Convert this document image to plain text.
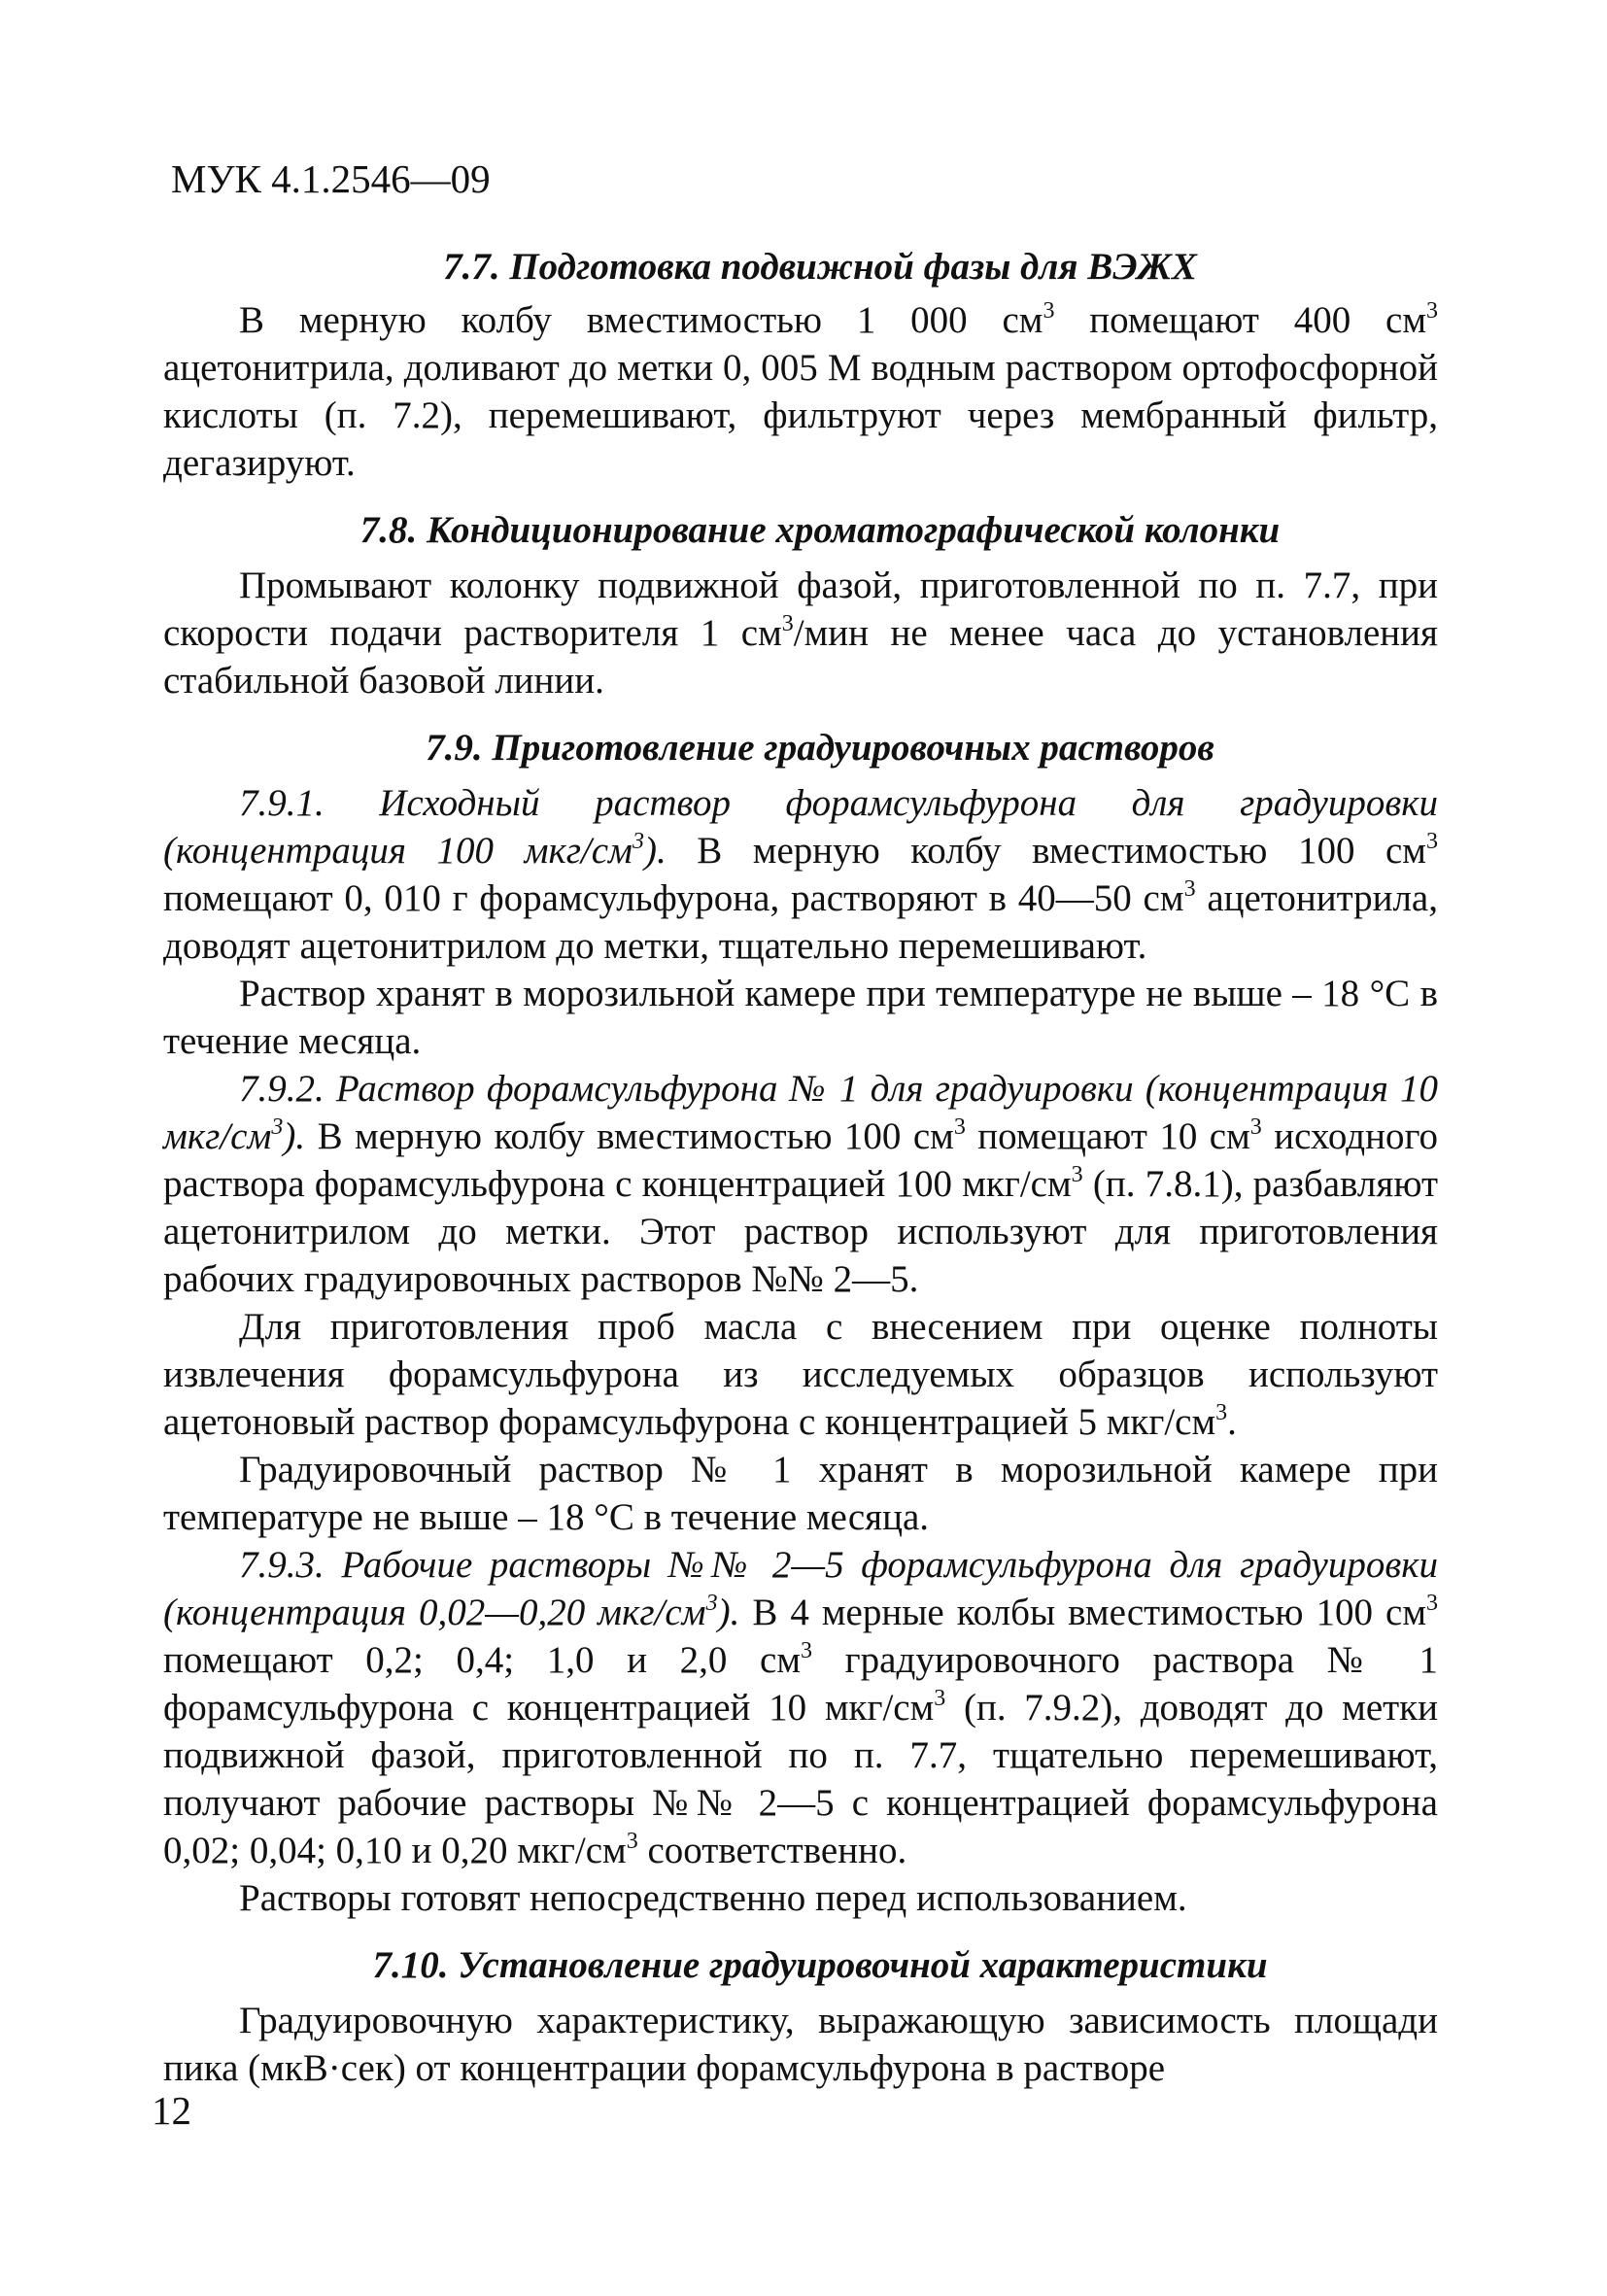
МУК 4.1.2546—09
7.7. Подготовка подвижной фазы для ВЭЖХ

В мерную колбу вместимостью 1 000 $см^3$ помещают 400 $см^3$ ацетонитрила, доливают до метки 0, 005 М водным раствором ортофосфорной кислоты (п. 7.2), перемешивают, фильтруют через мембранный фильтр, дегазируют.

7.8. Кондиционирование хроматографической колонки

Промывают колонку подвижной фазой, приготовленной по п. 7.7, при скорости подачи растворителя 1 $см^3$/мин не менее часа до установления стабильной базовой линии.

7.9. Приготовление градуировочных растворов

7.9.1. Исходный раствор форамсульфурона для градуировки (концентрация 100 мкг/$см^3$). В мерную колбу вместимостью 100 $см^3$ помещают 0, 010 г форамсульфурона, растворяют в 40—50 $см^3$ ацетонитрила, доводят ацетонитрилом до метки, тщательно перемешивают.

Раствор хранят в морозильной камере при температуре не выше – 18 °С в течение месяца.

7.9.2. Раствор форамсульфурона № 1 для градуировки (концентрация 10 мкг/$см^3$). В мерную колбу вместимостью 100 $см^3$ помещают 10 $см^3$ исходного раствора форамсульфурона с концентрацией 100 мкг/$см^3$ (п. 7.8.1), разбавляют ацетонитрилом до метки. Этот раствор используют для приготовления рабочих градуировочных растворов №№ 2—5.

Для приготовления проб масла с внесением при оценке полноты извлечения форамсульфурона из исследуемых образцов используют ацетоновый раствор форамсульфурона с концентрацией 5 мкг/$см^3$.

Градуировочный раствор № 1 хранят в морозильной камере при температуре не выше – 18 °С в течение месяца.

7.9.3. Рабочие растворы №№ 2—5 форамсульфурона для градуировки (концентрация 0,02—0,20 мкг/$см^3$). В 4 мерные колбы вместимостью 100 $см^3$ помещают 0,2; 0,4; 1,0 и 2,0 $см^3$ градуировочного раствора № 1 форамсульфурона с концентрацией 10 мкг/$см^3$ (п. 7.9.2), доводят до метки подвижной фазой, приготовленной по п. 7.7, тщательно перемешивают, получают рабочие растворы №№ 2—5 с концентрацией форамсульфурона 0,02; 0,04; 0,10 и 0,20 мкг/$см^3$ соответственно.

Растворы готовят непосредственно перед использованием.

7.10. Установление градуировочной характеристики

Градуировочную характеристику, выражающую зависимость площади пика (мкВ·сек) от концентрации форамсульфурона в растворе

12
